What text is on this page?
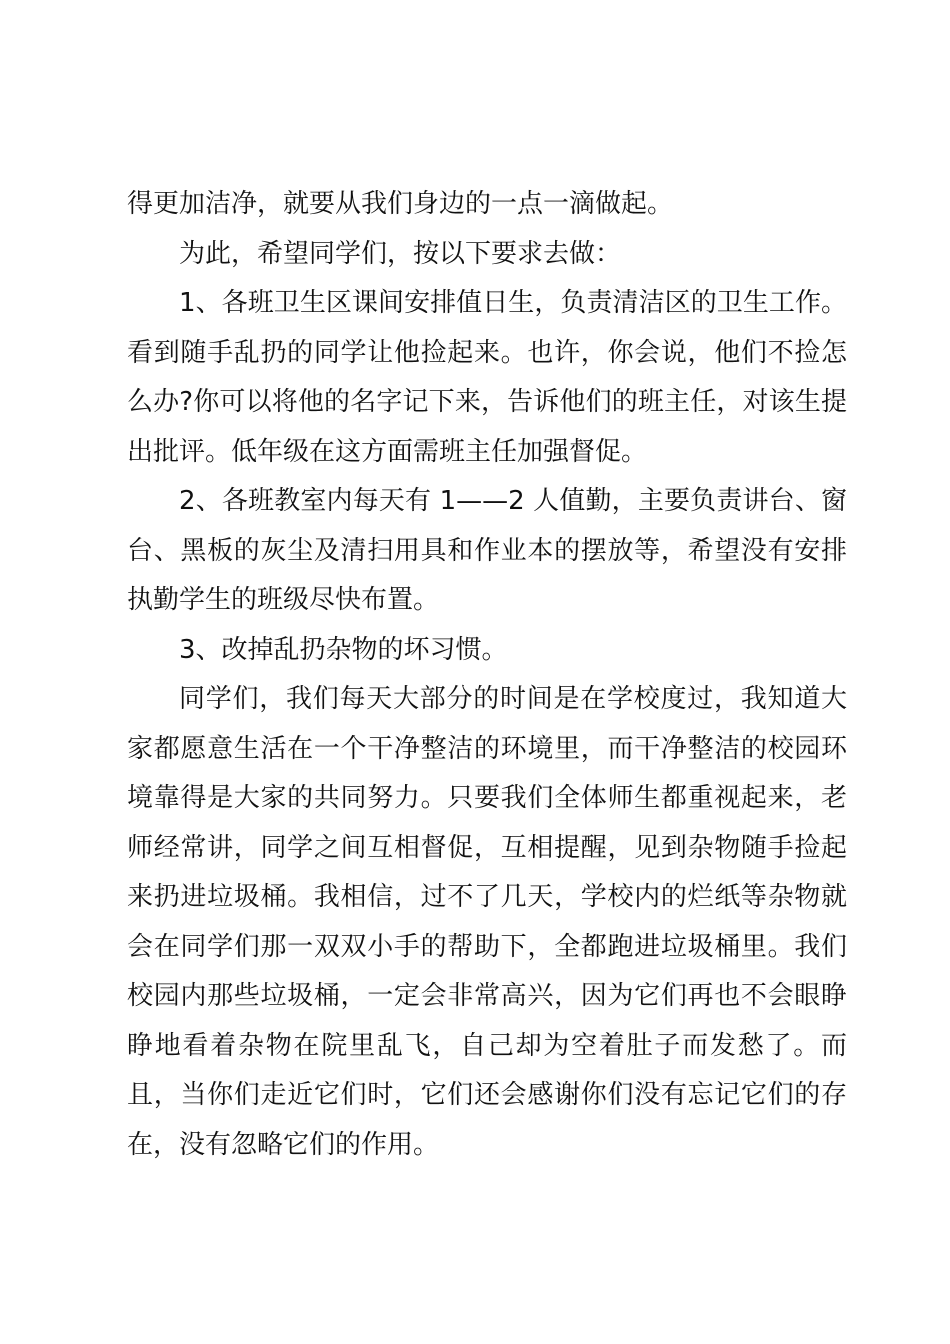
得更加洁净，就要从我们身边的一点一滴做起。

为此，希望同学们，按以下要求去做：

1、各班卫生区课间安排值日生，负责清洁区的卫生工作。看到随手乱扔的同学让他捡起来。也许，你会说，他们不捡怎么办?你可以将他的名字记下来，告诉他们的班主任，对该生提出批评。低年级在这方面需班主任加强督促。

2、各班教室内每天有 1——2 人值勤，主要负责讲台、窗台、黑板的灰尘及清扫用具和作业本的摆放等，希望没有安排执勤学生的班级尽快布置。

3、改掉乱扔杂物的坏习惯。

同学们，我们每天大部分的时间是在学校度过，我知道大家都愿意生活在一个干净整洁的环境里，而干净整洁的校园环境靠得是大家的共同努力。只要我们全体师生都重视起来，老师经常讲，同学之间互相督促，互相提醒，见到杂物随手捡起来扔进垃圾桶。我相信，过不了几天，学校内的烂纸等杂物就会在同学们那一双双小手的帮助下，全都跑进垃圾桶里。我们校园内那些垃圾桶，一定会非常高兴，因为它们再也不会眼睁睁地看着杂物在院里乱飞，自己却为空着肚子而发愁了。而且，当你们走近它们时，它们还会感谢你们没有忘记它们的存在，没有忽略它们的作用。
